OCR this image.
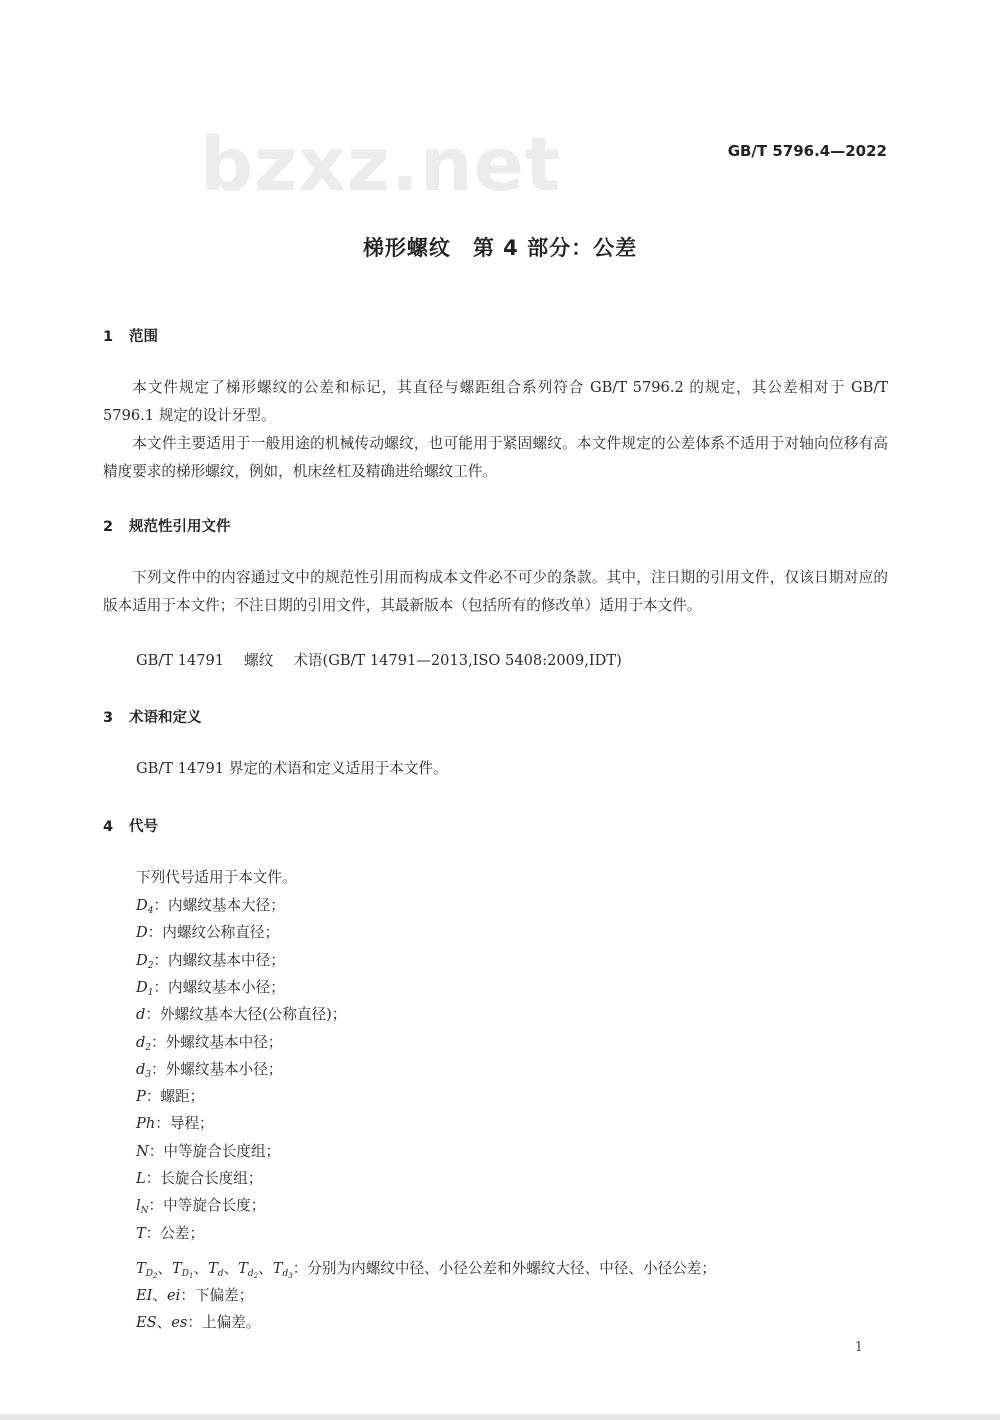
bzxz.net	GB/T 5796.4—2022
梯形螺纹　第 4 部分：公差
1 范围
本文件规定了梯形螺纹的公差和标记，其直径与螺距组合系列符合 GB/T 5796.2 的规定，其公差相对于 GB/T 5796.1 规定的设计牙型。
本文件主要适用于一般用途的机械传动螺纹，也可能用于紧固螺纹。本文件规定的公差体系不适用于对轴向位移有高精度要求的梯形螺纹，例如，机床丝杠及精确进给螺纹工件。
2 规范性引用文件
下列文件中的内容通过文中的规范性引用而构成本文件必不可少的条款。其中，注日期的引用文件，仅该日期对应的版本适用于本文件；不注日期的引用文件，其最新版本（包括所有的修改单）适用于本文件。
GB/T 14791 螺纹 术语(GB/T 14791—2013,ISO 5408:2009,IDT)
3 术语和定义
GB/T 14791 界定的术语和定义适用于本文件。
4 代号
下列代号适用于本文件。
$D_4$：内螺纹基本大径；
D：内螺纹公称直径；
$D_2$：内螺纹基本中径；
$D_1$：内螺纹基本小径；
d：外螺纹基本大径(公称直径)；
$d_2$：外螺纹基本中径；
$d_3$：外螺纹基本小径；
P：螺距；
Ph：导程；
N：中等旋合长度组；
L：长旋合长度组；
$l_N$：中等旋合长度；
T：公差；
$T_{D2}$、$T_{D1}$、$T_d$、$T_{d2}$、$T_{d3}$：分别为内螺纹中径、小径公差和外螺纹大径、中径、小径公差；
EI、ei：下偏差；
ES、es：上偏差。
1
